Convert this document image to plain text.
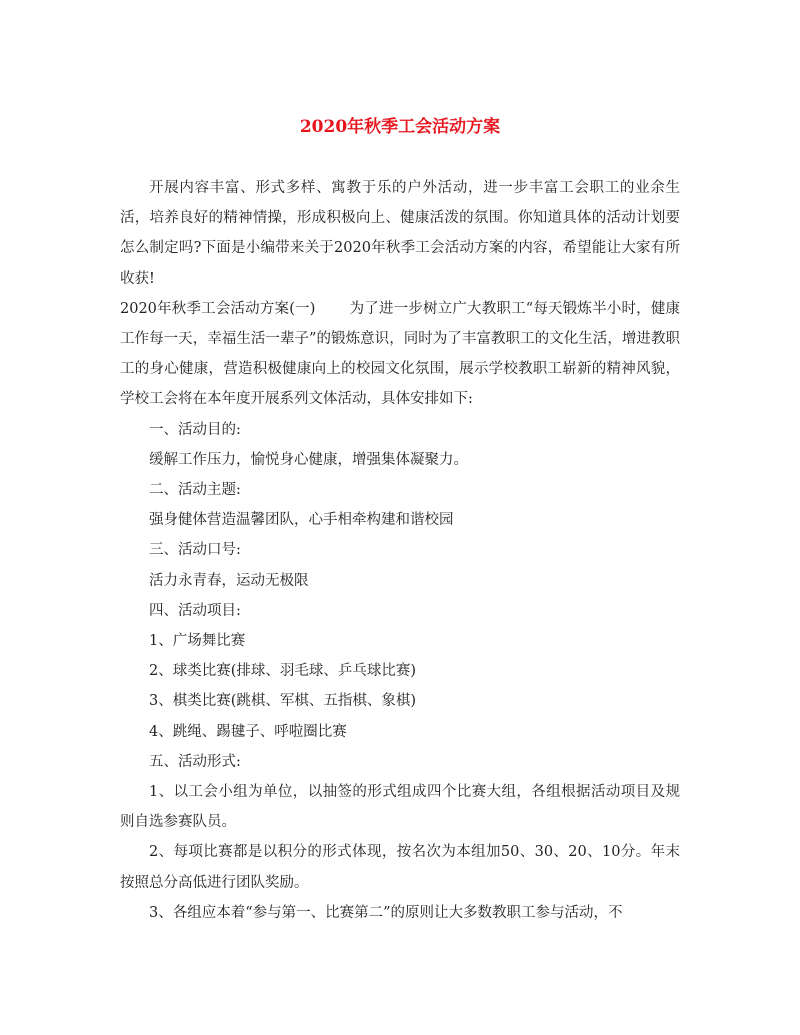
2020年秋季工会活动方案

开展内容丰富、形式多样、寓教于乐的户外活动，进一步丰富工会职工的业余生活，培养良好的精神情操，形成积极向上、健康活泼的氛围。你知道具体的活动计划要怎么制定吗?下面是小编带来关于2020年秋季工会活动方案的内容，希望能让大家有所收获!

2020年秋季工会活动方案(一) 为了进一步树立广大教职工“每天锻炼半小时，健康工作每一天，幸福生活一辈子”的锻炼意识，同时为了丰富教职工的文化生活，增进教职工的身心健康，营造积极健康向上的校园文化氛围，展示学校教职工崭新的精神风貌，学校工会将在本年度开展系列文体活动，具体安排如下:

一、活动目的:

缓解工作压力，愉悦身心健康，增强集体凝聚力。

二、活动主题:

强身健体营造温馨团队，心手相牵构建和谐校园

三、活动口号:

活力永青春，运动无极限

四、活动项目:

1、广场舞比赛

2、球类比赛(排球、羽毛球、乒乓球比赛)

3、棋类比赛(跳棋、军棋、五指棋、象棋)

4、跳绳、踢毽子、呼啦圈比赛

五、活动形式:

1、以工会小组为单位，以抽签的形式组成四个比赛大组，各组根据活动项目及规则自选参赛队员。

2、每项比赛都是以积分的形式体现，按名次为本组加50、30、20、10分。年末按照总分高低进行团队奖励。

3、各组应本着“参与第一、比赛第二”的原则让大多数教职工参与活动，不
